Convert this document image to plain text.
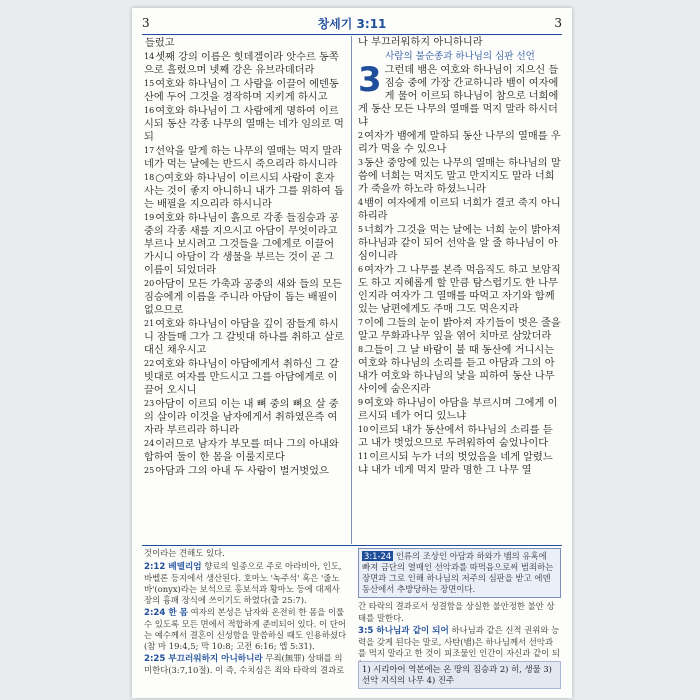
3	창세기 3:11	3

들렀고

14셋째 강의 이름은 힛데겔이라 앗수르 동쪽으로 흘렀으며 넷째 강은 유브라데더라

15여호와 하나님이 그 사람을 이끌어 에덴동산에 두어 그것을 경작하며 지키게 하시고

16여호와 하나님이 그 사람에게 명하여 이르시되 동산 각종 나무의 열매는 네가 임의로 먹되

17선악을 알게 하는 나무의 열매는 먹지 말라 네가 먹는 날에는 반드시 죽으리라 하시니라

18○여호와 하나님이 이르시되 사람이 혼자 사는 것이 좋지 아니하니 내가 그를 위하여 돕는 배필을 지으리라 하시니라

19여호와 하나님이 흙으로 각종 들짐승과 공중의 각종 새를 지으시고 아담이 무엇이라고 부르나 보시려고 그것들을 그에게로 이끌어 가시니 아담이 각 생물을 부르는 것이 곧 그 이름이 되었더라

20아담이 모든 가축과 공중의 새와 들의 모든 짐승에게 이름을 주니라 아담이 돕는 배필이 없으므로

21여호와 하나님이 아담을 깊이 잠들게 하시니 잠들매 그가 그 갈빗대 하나를 취하고 살로 대신 채우시고

22여호와 하나님이 아담에게서 취하신 그 갈빗대로 여자를 만드시고 그를 아담에게로 이끌어 오시니

23아담이 이르되 이는 내 뼈 중의 뼈요 살 중의 살이라 이것을 남자에게서 취하였은즉 여자라 부르리라 하니라

24이러므로 남자가 부모를 떠나 그의 아내와 합하여 둘이 한 몸을 이룰지로다

25아담과 그의 아내 두 사람이 벌거벗었으

나 부끄러워하지 아니하니라

사람의 불순종과 하나님의 심판 선언

3 그런데 뱀은 여호와 하나님이 지으신 들짐승 중에 가장 간교하니라 뱀이 여자에게 물어 이르되 하나님이 참으로 너희에게 동산 모든 나무의 열매를 먹지 말라 하시더냐

2여자가 뱀에게 말하되 동산 나무의 열매를 우리가 먹을 수 있으나

3동산 중앙에 있는 나무의 열매는 하나님의 말씀에 너희는 먹지도 말고 만지지도 말라 너희가 죽을까 하노라 하셨느니라

4뱀이 여자에게 이르되 너희가 결코 죽지 아니하리라

5너희가 그것을 먹는 날에는 너희 눈이 밝아져 하나님과 같이 되어 선악을 알 줄 하나님이 아심이니라

6여자가 그 나무를 본즉 먹음직도 하고 보암직도 하고 지혜롭게 할 만큼 탐스럽기도 한 나무인지라 여자가 그 열매를 따먹고 자기와 함께 있는 남편에게도 주매 그도 먹은지라

7이에 그들의 눈이 밝아져 자기들이 벗은 줄을 알고 무화과나무 잎을 엮어 치마로 삼았더라

8그들이 그 날 바람이 불 때 동산에 거니시는 여호와 하나님의 소리를 듣고 아담과 그의 아내가 여호와 하나님의 낯을 피하여 동산 나무 사이에 숨은지라

9여호와 하나님이 아담을 부르시며 그에게 이르시되 네가 어디 있느냐

10이르되 내가 동산에서 하나님의 소리를 듣고 내가 벗었으므로 두려워하여 숨었나이다

11이르시되 누가 너의 벗었음을 네게 알렸느냐 내가 네게 먹지 말라 명한 그 나무 열

것이라는 견해도 있다.

2:12 베델리엄 향료의 일종으로 주로 아라비아, 인도, 바벨론 등지에서 생산된다. 호마노 '녹주석' 혹은 '줄노바'(onyx)라는 보석으로 홍보석과 황마노 등에 대제사장의 흉패 장식에 쓰이기도 하였다(출 25:7).

2:24 한 몸 여자의 본성은 남자와 온전히 한 몸을 이룰 수 있도록 모든 면에서 적합하게 준비되어 있다. 이 단어는 예수께서 결혼이 신성함을 말씀하실 때도 인용하셨다(참 마 19:4,5; 막 10:8; 고전 6:16; 엡 5:31).

2:25 부끄러워하지 아니하니라 무죄(無罪) 상태를 의미한다(3:7,10절). 이 즉, 수치심은 죄와 타락의 결과로

3:1-24 인류의 조상인 아담과 하와가 뱀의 유혹에 빠져 금단의 열매인 선악과를 따먹음으로써 범죄하는 장면과 그로 인해 하나님의 저주의 심판을 받고 에덴 동산에서 추방당하는 장면이다.

간 타락의 결과로서 성결함을 상실한 불안정한 불안 상태를 말한다.

3:5 하나님과 같이 되어 하나님과 같은 신적 권위와 능력을 갖게 된다는 말로, 사탄(뱀)은 하나님께서 선악과를 먹지 말라고 한 것이 피조물인 인간이 자신과 같이 되

1) 시리아어 역본에는 온 땅의 짐승과 2) 히, 생물 3) 선악 지식의 나무 4) 진주
